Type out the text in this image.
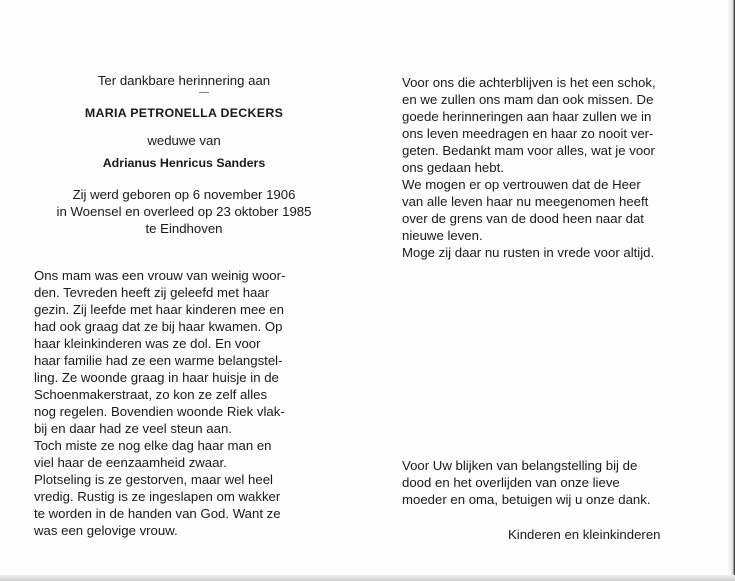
―
Ter dankbare herinnering aan
MARIA PETRONELLA DECKERS
weduwe van
Adrianus Henricus Sanders
Zij werd geboren op 6 november 1906
in Woensel en overleed op 23 oktober 1985
te Eindhoven
Ons mam was een vrouw van weinig woor-
den. Tevreden heeft zij geleefd met haar
gezin. Zij leefde met haar kinderen mee en
had ook graag dat ze bij haar kwamen. Op
haar kleinkinderen was ze dol. En voor
haar familie had ze een warme belangstel-
ling. Ze woonde graag in haar huisje in de
Schoenmakerstraat, zo kon ze zelf alles
nog regelen. Bovendien woonde Riek vlak-
bij en daar had ze veel steun aan.
Toch miste ze nog elke dag haar man en
viel haar de eenzaamheid zwaar.
Plotseling is ze gestorven, maar wel heel
vredig. Rustig is ze ingeslapen om wakker
te worden in de handen van God. Want ze
was een gelovige vrouw.
Voor ons die achterblijven is het een schok,
en we zullen ons mam dan ook missen. De
goede herinneringen aan haar zullen we in
ons leven meedragen en haar zo nooit ver-
geten. Bedankt mam voor alles, wat je voor
ons gedaan hebt.
We mogen er op vertrouwen dat de Heer
van alle leven haar nu meegenomen heeft
over de grens van de dood heen naar dat
nieuwe leven.
Moge zij daar nu rusten in vrede voor altijd.
Voor Uw blijken van belangstelling bij de
dood en het overlijden van onze lieve
moeder en oma, betuigen wij u onze dank.
Kinderen en kleinkinderen
